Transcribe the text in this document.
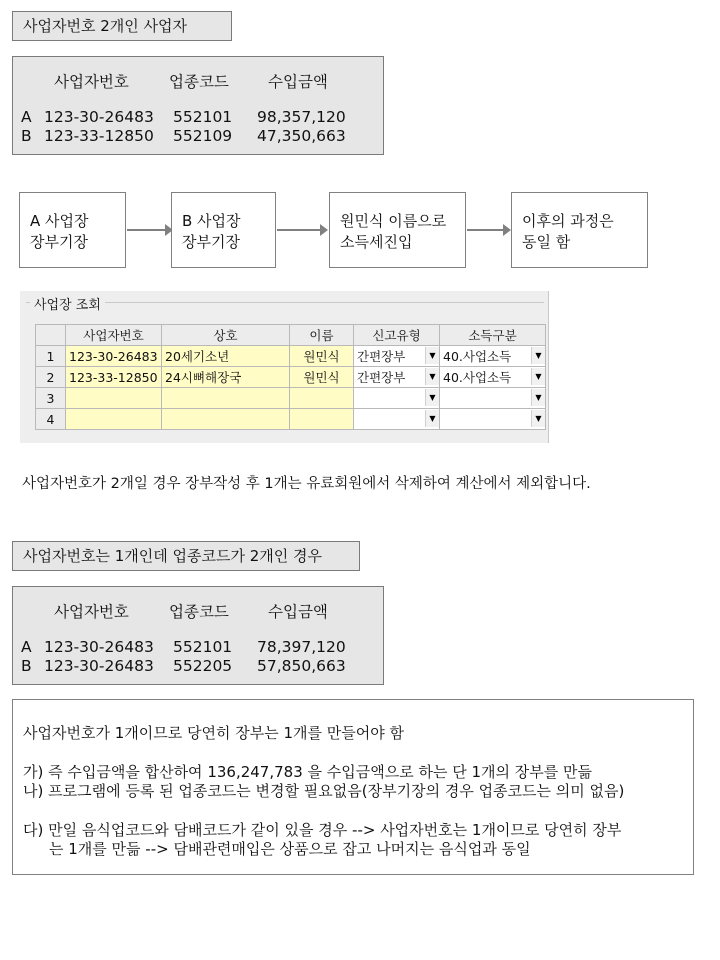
사업자번호 2개인 사업자
사업자번호	업종코드	수입금액
A 123-30-26483 552101 98,357,120
B 123-33-12850 552109 47,350,663
A 사업장
장부기장
B 사업장
장부기장
원민식 이름으로
소득세진입
이후의 과정은
동일 함
사업장 조회
	사업자번호	상호	이름	신고유형	소득구분
1	123-30-26483	20세기소년	원민식	간편장부 ▼	40.사업소득 ▼

2	123-33-12850	24시뼈해장국	원민식	간편장부 ▼	40.사업소득 ▼

3				▼	▼

4				▼	▼
사업자번호가 2개일 경우 장부작성 후 1개는 유료회원에서 삭제하여 계산에서 제외합니다.
사업자번호는 1개인데 업종코드가 2개인 경우
사업자번호	업종코드	수입금액
A 123-30-26483 552101 78,397,120
B 123-30-26483 552205 57,850,663
사업자번호가 1개이므로 당연히 장부는 1개를 만들어야 함
가) 즉 수입금액을 합산하여 136,247,783 을 수입금액으로 하는 단 1개의 장부를 만듦
나) 프로그램에 등록 된 업종코드는 변경할 필요없음(장부기장의 경우 업종코드는 의미 없음)
다) 만일 음식업코드와 담배코드가 같이 있을 경우 --> 사업자번호는 1개이므로 당연히 장부
는 1개를 만듦 --> 담배관련매입은 상품으로 잡고 나머지는 음식업과 동일
